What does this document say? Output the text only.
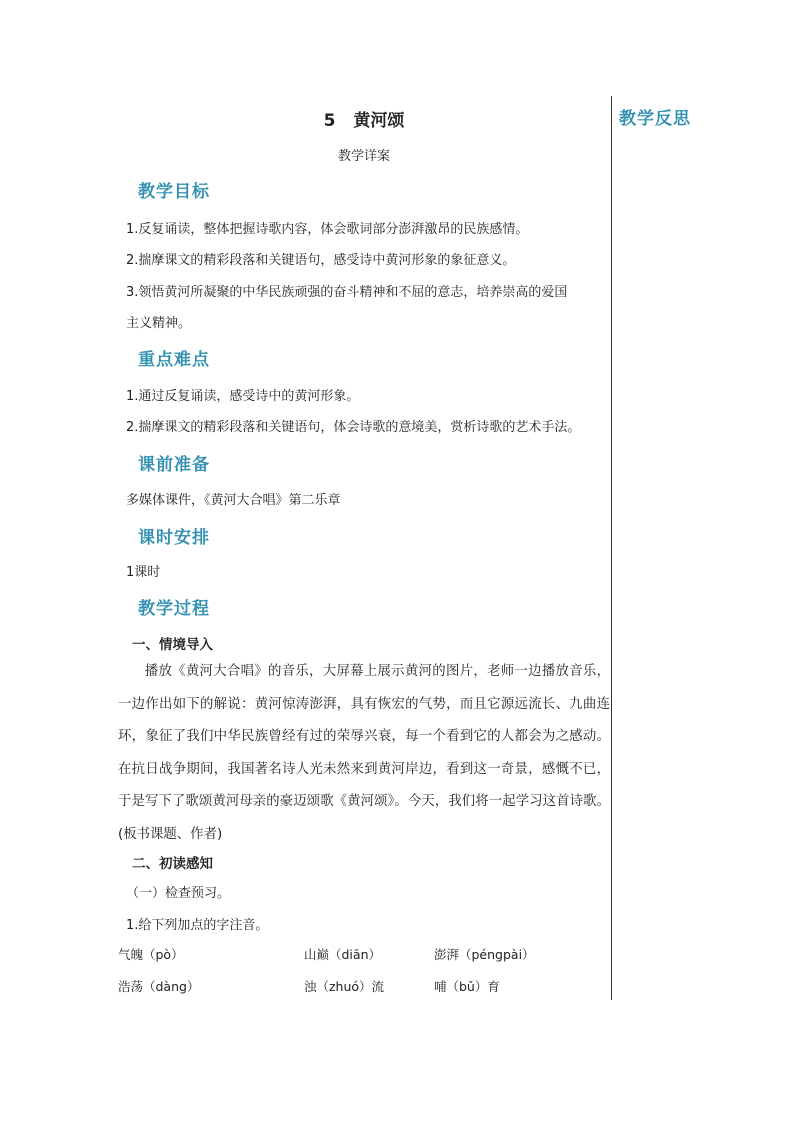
5 黄河颂
教学详案
教学目标
1.反复诵读，整体把握诗歌内容，体会歌词部分澎湃激昂的民族感情。
2.揣摩课文的精彩段落和关键语句，感受诗中黄河形象的象征意义。
3.领悟黄河所凝聚的中华民族顽强的奋斗精神和不屈的意志，培养崇高的爱国
主义精神。
重点难点
1.通过反复诵读，感受诗中的黄河形象。
2.揣摩课文的精彩段落和关键语句，体会诗歌的意境美，赏析诗歌的艺术手法。
课前准备
多媒体课件，《黄河大合唱》第二乐章
课时安排
1课时
教学过程
一、情境导入
播放《黄河大合唱》的音乐，大屏幕上展示黄河的图片，老师一边播放音乐，一边作出如下的解说：黄河惊涛澎湃，具有恢宏的气势，而且它源远流长、九曲连环，象征了我们中华民族曾经有过的荣辱兴衰，每一个看到它的人都会为之感动。在抗日战争期间，我国著名诗人光未然来到黄河岸边，看到这一奇景，感慨不已，于是写下了歌颂黄河母亲的豪迈颂歌《黄河颂》。今天，我们将一起学习这首诗歌。(板书课题、作者)
二、初读感知
（一）检查预习。
1.给下列加点的字注音。
气魄（pò）	山巅（diān）	澎湃（péngpài）
浩荡（dàng）	浊（zhuó）流	哺（bǔ）育
教学反思
